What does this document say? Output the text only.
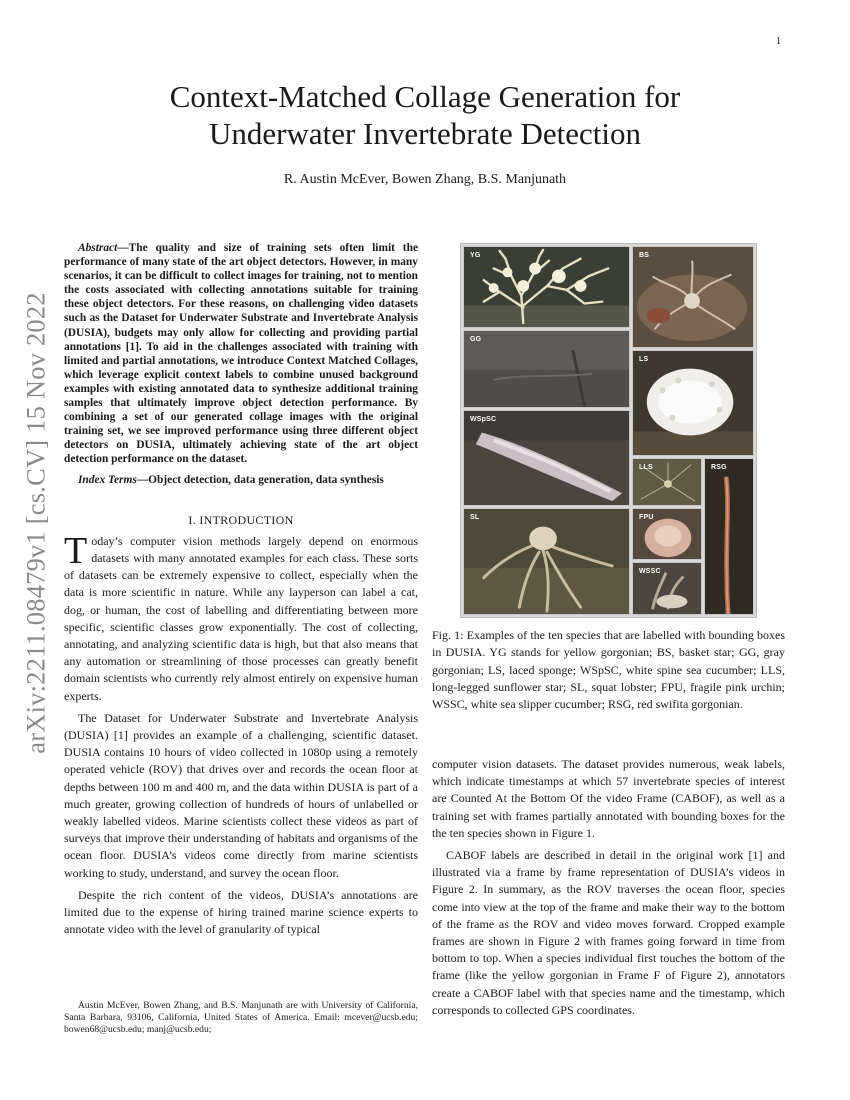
1
arXiv:2211.08479v1 [cs.CV] 15 Nov 2022
Context-Matched Collage Generation for
Underwater Invertebrate Detection
R. Austin McEver, Bowen Zhang, B.S. Manjunath

Abstract—The quality and size of training sets often limit the performance of many state of the art object detectors. However, in many scenarios, it can be difficult to collect images for training, not to mention the costs associated with collecting annotations suitable for training these object detectors. For these reasons, on challenging video datasets such as the Dataset for Underwater Substrate and Invertebrate Analysis (DUSIA), budgets may only allow for collecting and providing partial annotations [1]. To aid in the challenges associated with training with limited and partial annotations, we introduce Context Matched Collages, which leverage explicit context labels to combine unused background examples with existing annotated data to synthesize additional training samples that ultimately improve object detection performance. By combining a set of our generated collage images with the original training set, we see improved performance using three different object detectors on DUSIA, ultimately achieving state of the art object detection performance on the dataset.

Index Terms—Object detection, data generation, data synthesis

I. INTRODUCTION

Today’s computer vision methods largely depend on enormous datasets with many annotated examples for each class. These sorts of datasets can be extremely expensive to collect, especially when the data is more scientific in nature. While any layperson can label a cat, dog, or human, the cost of labelling and differentiating between more specific, scientific classes grow exponentially. The cost of collecting, annotating, and analyzing scientific data is high, but that also means that any automation or streamlining of those processes can greatly benefit domain scientists who currently rely almost entirely on expensive human experts.

The Dataset for Underwater Substrate and Invertebrate Analysis (DUSIA) [1] provides an example of a challenging, scientific dataset. DUSIA contains 10 hours of video collected in 1080p using a remotely operated vehicle (ROV) that drives over and records the ocean floor at depths between 100 m and 400 m, and the data within DUSIA is part of a much greater, growing collection of hundreds of hours of unlabelled or weakly labelled videos. Marine scientists collect these videos as part of surveys that improve their understanding of habitats and organisms of the ocean floor. DUSIA’s videos come directly from marine scientists working to study, understand, and survey the ocean floor.

Despite the rich content of the videos, DUSIA’s annotations are limited due to the expense of hiring trained marine science experts to annotate video with the level of granularity of typical

Austin McEver, Bowen Zhang, and B.S. Manjunath are with University of California, Santa Barbara, 93106, California, United States of America. Email: mcever@ucsb.edu; bowen68@ucsb.edu; manj@ucsb.edu;

YG	BS
GG
LS
WSpSC
LLS	RSG
SL	FPU
WSSC

Fig. 1: Examples of the ten species that are labelled with bounding boxes in DUSIA. YG stands for yellow gorgonian; BS, basket star; GG, gray gorgonian; LS, laced sponge; WSpSC, white spine sea cucumber; LLS, long-legged sunflower star; SL, squat lobster; FPU, fragile pink urchin; WSSC, white sea slipper cucumber; RSG, red swifita gorgonian.

computer vision datasets. The dataset provides numerous, weak labels, which indicate timestamps at which 57 invertebrate species of interest are Counted At the Bottom Of the video Frame (CABOF), as well as a training set with frames partially annotated with bounding boxes for the the ten species shown in Figure 1.

CABOF labels are described in detail in the original work [1] and illustrated via a frame by frame representation of DUSIA’s videos in Figure 2. In summary, as the ROV traverses the ocean floor, species come into view at the top of the frame and make their way to the bottom of the frame as the ROV and video moves forward. Cropped example frames are shown in Figure 2 with frames going forward in time from bottom to top. When a species individual first touches the bottom of the frame (like the yellow gorgonian in Frame F of Figure 2), annotators create a CABOF label with that species name and the timestamp, which corresponds to collected GPS coordinates.
